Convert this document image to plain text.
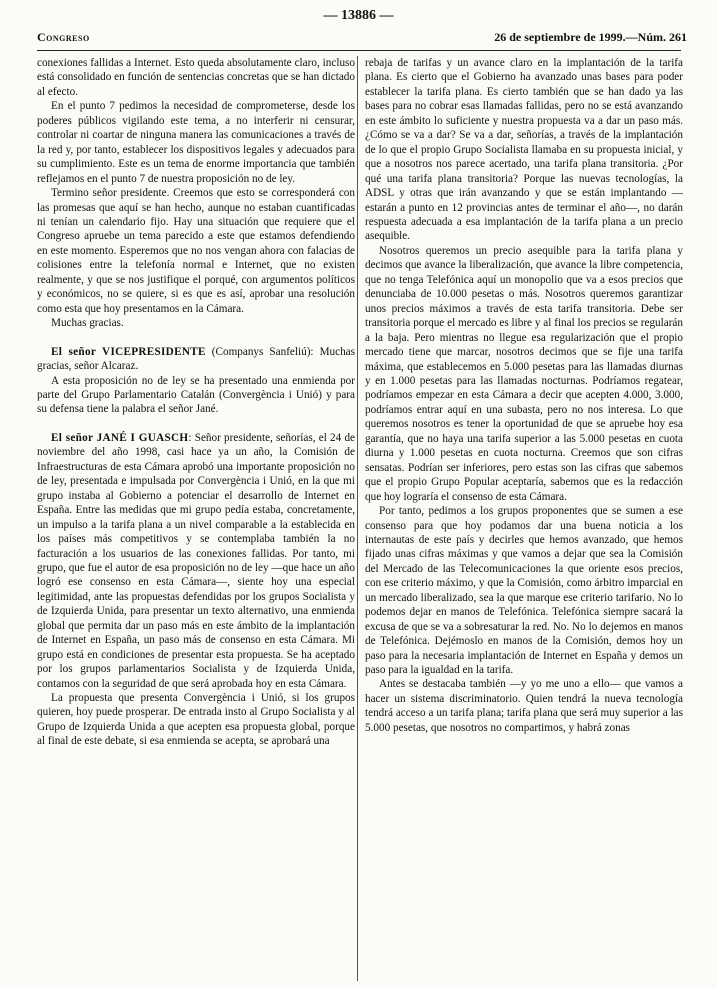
— 13886 —
Congreso	26 de septiembre de 1999.—Núm. 261

conexiones fallidas a Internet. Esto queda absolutamente claro, incluso está consolidado en función de sentencias concretas que se han dictado al efecto.

En el punto 7 pedimos la necesidad de comprometerse, desde los poderes públicos vigilando este tema, a no interferir ni censurar, controlar ni coartar de ninguna manera las comunicaciones a través de la red y, por tanto, establecer los dispositivos legales y adecuados para su cumplimiento. Este es un tema de enorme importancia que también reflejamos en el punto 7 de nuestra proposición no de ley.

Termino señor presidente. Creemos que esto se corresponderá con las promesas que aquí se han hecho, aunque no estaban cuantificadas ni tenían un calendario fijo. Hay una situación que requiere que el Congreso apruebe un tema parecido a este que estamos defendiendo en este momento. Esperemos que no nos vengan ahora con falacias de colisiones entre la telefonía normal e Internet, que no existen realmente, y que se nos justifique el porqué, con argumentos políticos y económicos, no se quiere, si es que es así, aprobar una resolución como esta que hoy presentamos en la Cámara.

Muchas gracias.

El señor VICEPRESIDENTE (Companys Sanfeliú): Muchas gracias, señor Alcaraz.

A esta proposición no de ley se ha presentado una enmienda por parte del Grupo Parlamentario Catalán (Convergència i Unió) y para su defensa tiene la palabra el señor Jané.

El señor JANÉ I GUASCH: Señor presidente, señorías, el 24 de noviembre del año 1998, casi hace ya un año, la Comisión de Infraestructuras de esta Cámara aprobó una importante proposición no de ley, presentada e impulsada por Convergència i Unió, en la que mi grupo instaba al Gobierno a potenciar el desarrollo de Internet en España. Entre las medidas que mi grupo pedía estaba, concretamente, un impulso a la tarifa plana a un nivel comparable a la establecida en los países más competitivos y se contemplaba también la no facturación a los usuarios de las conexiones fallidas. Por tanto, mi grupo, que fue el autor de esa proposición no de ley —que hace un año logró ese consenso en esta Cámara—, siente hoy una especial legitimidad, ante las propuestas defendidas por los grupos Socialista y de Izquierda Unida, para presentar un texto alternativo, una enmienda global que permita dar un paso más en este ámbito de la implantación de Internet en España, un paso más de consenso en esta Cámara. Mi grupo está en condiciones de presentar esta propuesta. Se ha aceptado por los grupos parlamentarios Socialista y de Izquierda Unida, contamos con la seguridad de que será aprobada hoy en esta Cámara.

La propuesta que presenta Convergència i Unió, si los grupos quieren, hoy puede prosperar. De entrada insto al Grupo Socialista y al Grupo de Izquierda Unida a que acepten esa propuesta global, porque al final de este debate, si esa enmienda se acepta, se aprobará una

rebaja de tarifas y un avance claro en la implantación de la tarifa plana. Es cierto que el Gobierno ha avanzado unas bases para poder establecer la tarifa plana. Es cierto también que se han dado ya las bases para no cobrar esas llamadas fallidas, pero no se está avanzando en este ámbito lo suficiente y nuestra propuesta va a dar un paso más. ¿Cómo se va a dar? Se va a dar, señorías, a través de la implantación de lo que el propio Grupo Socialista llamaba en su propuesta inicial, y que a nosotros nos parece acertado, una tarifa plana transitoria. ¿Por qué una tarifa plana transitoria? Porque las nuevas tecnologías, la ADSL y otras que irán avanzando y que se están implantando —estarán a punto en 12 provincias antes de terminar el año—, no darán respuesta adecuada a esa implantación de la tarifa plana a un precio asequible.

Nosotros queremos un precio asequible para la tarifa plana y decimos que avance la liberalización, que avance la libre competencia, que no tenga Telefónica aquí un monopolio que va a esos precios que denunciaba de 10.000 pesetas o más. Nosotros queremos garantizar unos precios máximos a través de esta tarifa transitoria. Debe ser transitoria porque el mercado es libre y al final los precios se regularán a la baja. Pero mientras no llegue esa regularización que el propio mercado tiene que marcar, nosotros decimos que se fije una tarifa máxima, que establecemos en 5.000 pesetas para las llamadas diurnas y en 1.000 pesetas para las llamadas nocturnas. Podríamos regatear, podríamos empezar en esta Cámara a decir que acepten 4.000, 3.000, podríamos entrar aquí en una subasta, pero no nos interesa. Lo que queremos nosotros es tener la oportunidad de que se apruebe hoy esa garantía, que no haya una tarifa superior a las 5.000 pesetas en cuota diurna y 1.000 pesetas en cuota nocturna. Creemos que son cifras sensatas. Podrían ser inferiores, pero estas son las cifras que sabemos que el propio Grupo Popular aceptaría, sabemos que es la redacción que hoy lograría el consenso de esta Cámara.

Por tanto, pedimos a los grupos proponentes que se sumen a ese consenso para que hoy podamos dar una buena noticia a los internautas de este país y decirles que hemos avanzado, que hemos fijado unas cifras máximas y que vamos a dejar que sea la Comisión del Mercado de las Telecomunicaciones la que oriente esos precios, con ese criterio máximo, y que la Comisión, como árbitro imparcial en un mercado liberalizado, sea la que marque ese criterio tarifario. No lo podemos dejar en manos de Telefónica. Telefónica siempre sacará la excusa de que se va a sobresaturar la red. No. No lo dejemos en manos de Telefónica. Dejémoslo en manos de la Comisión, demos hoy un paso para la necesaria implantación de Internet en España y demos un paso para la igualdad en la tarifa.

Antes se destacaba también —y yo me uno a ello— que vamos a hacer un sistema discriminatorio. Quien tendrá la nueva tecnología tendrá acceso a un tarifa plana; tarifa plana que será muy superior a las 5.000 pesetas, que nosotros no compartimos, y habrá zonas
